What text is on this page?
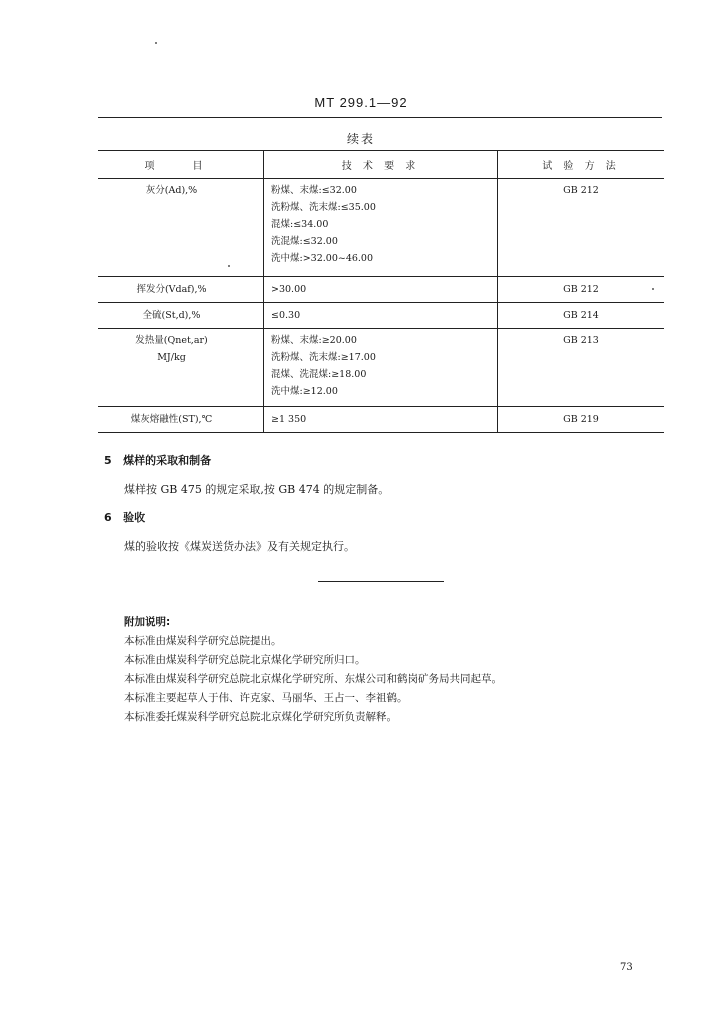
MT 299.1—92
续表
项　目	技 术 要 求	试 验 方 法

灰分(Ad),%	粉煤、末煤:≤32.00
洗粉煤、洗末煤:≤35.00
混煤:≤34.00
洗混煤:≤32.00
洗中煤:>32.00~46.00	GB 212

挥发分(Vdaf),%	>30.00	GB 212

全硫(St,d),%	≤0.30	GB 214

发热量(Qnet,ar)
MJ/kg	粉煤、末煤:≥20.00
洗粉煤、洗末煤:≥17.00
混煤、洗混煤:≥18.00
洗中煤:≥12.00	GB 213

煤灰熔融性(ST),℃	≥1 350	GB 219
5 煤样的采取和制备
煤样按 GB 475 的规定采取,按 GB 474 的规定制备。
6 验收
煤的验收按《煤炭送货办法》及有关规定执行。
附加说明:
本标准由煤炭科学研究总院提出。
本标准由煤炭科学研究总院北京煤化学研究所归口。
本标准由煤炭科学研究总院北京煤化学研究所、东煤公司和鹤岗矿务局共同起草。
本标准主要起草人于伟、许克家、马丽华、王占一、李祖鹤。
本标准委托煤炭科学研究总院北京煤化学研究所负责解释。
73
